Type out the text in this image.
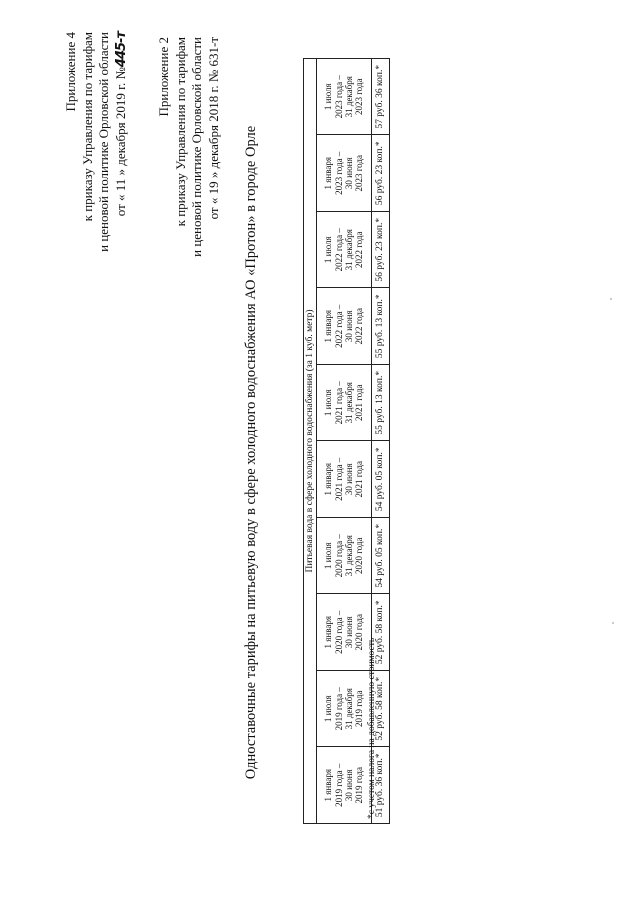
Приложение 4 к приказу Управления по тарифам и ценовой политике Орловской области от « 11 » декабря 2019 г. №445-т Приложение 2 к приказу Управления по тарифам и ценовой политике Орловской области от « 19 » декабря 2018 г. № 631-т Одноставочные тарифы на питьевую воду в сфере холодного водоснабжения АО «Протон» в городе Орле
		Питьевая вода в сфере холодного водоснабжения (за 1 куб. метр)								

1 января 2019 года – 30 июня 2019 года	1 июля 2019 года – 31 декабря 2019 года	1 января 2020 года – 30 июня 2020 года	1 июля 2020 года – 31 декабря 2020 года	1 января 2021 года – 30 июня 2021 года	1 июля 2021 года – 31 декабря 2021 года	1 января 2022 года – 30 июня 2022 года	1 июля 2022 года – 31 декабря 2022 года	1 января 2023 года – 30 июня 2023 года	1 июля 2023 года – 31 декабря 2023 года

51 руб. 36 коп.*	52 руб. 58 коп.*	52 руб. 58 коп.*	54 руб. 05 коп.*	54 руб. 05 коп.*	55 руб. 13 коп.*	55 руб. 13 коп.*	56 руб. 23 коп.*	56 руб. 23 коп.*	57 руб. 36 коп.*
*с учетом налога на добавленную стоимость
